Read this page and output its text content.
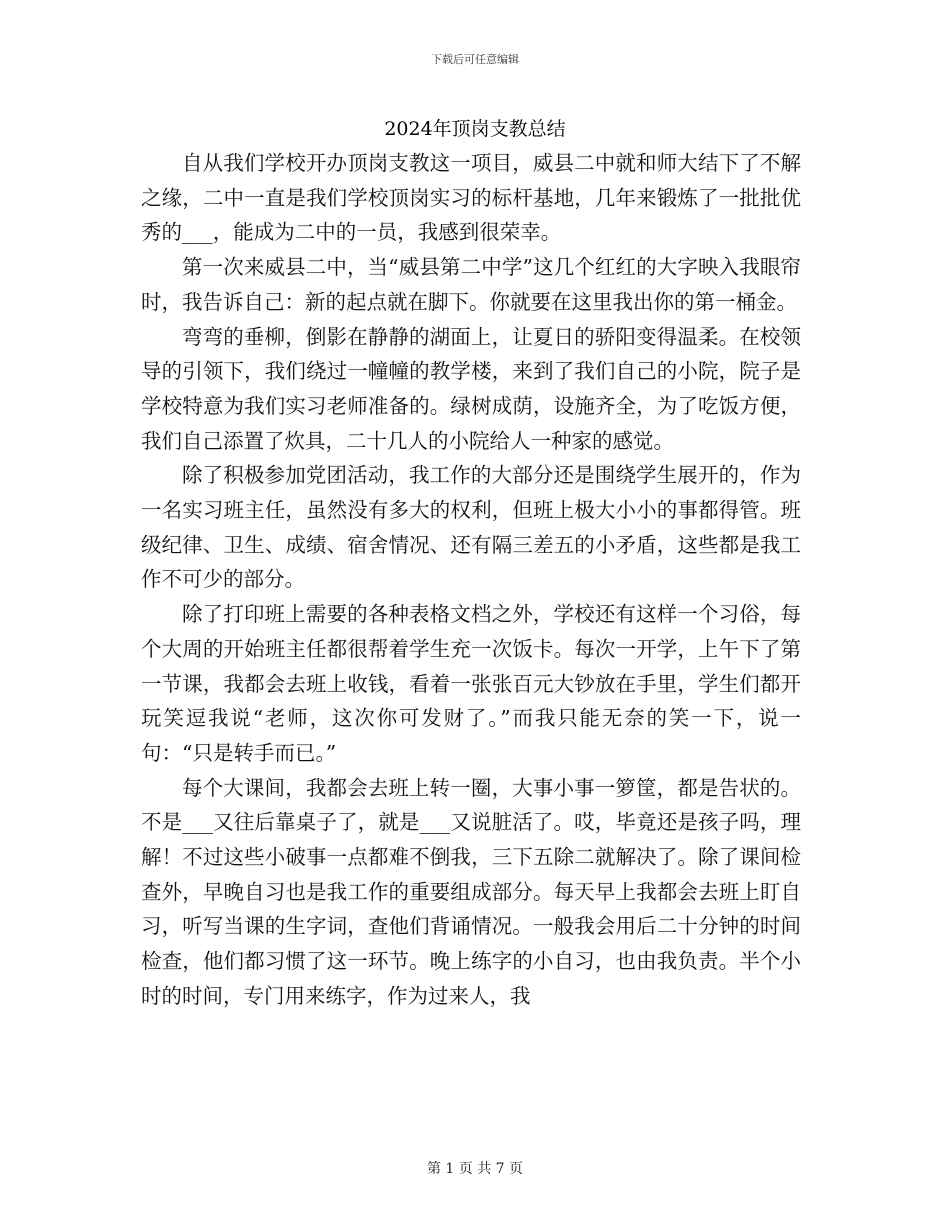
下载后可任意编辑
2024年顶岗支教总结

自从我们学校开办顶岗支教这一项目，威县二中就和师大结下了不解之缘，二中一直是我们学校顶岗实习的标杆基地，几年来锻炼了一批批优秀的___，能成为二中的一员，我感到很荣幸。

第一次来威县二中，当“威县第二中学”这几个红红的大字映入我眼帘时，我告诉自己：新的起点就在脚下。你就要在这里我出你的第一桶金。

弯弯的垂柳，倒影在静静的湖面上，让夏日的骄阳变得温柔。在校领导的引领下，我们绕过一幢幢的教学楼，来到了我们自己的小院，院子是学校特意为我们实习老师准备的。绿树成荫，设施齐全，为了吃饭方便，我们自己添置了炊具，二十几人的小院给人一种家的感觉。

除了积极参加党团活动，我工作的大部分还是围绕学生展开的，作为一名实习班主任，虽然没有多大的权利，但班上极大小小的事都得管。班级纪律、卫生、成绩、宿舍情况、还有隔三差五的小矛盾，这些都是我工作不可少的部分。

除了打印班上需要的各种表格文档之外，学校还有这样一个习俗，每个大周的开始班主任都很帮着学生充一次饭卡。每次一开学，上午下了第一节课，我都会去班上收钱，看着一张张百元大钞放在手里，学生们都开玩笑逗我说“老师，这次你可发财了。”而我只能无奈的笑一下，说一句：“只是转手而已。”

每个大课间，我都会去班上转一圈，大事小事一箩筐，都是告状的。不是___又往后靠桌子了，就是___又说脏活了。哎，毕竟还是孩子吗，理解！不过这些小破事一点都难不倒我，三下五除二就解决了。除了课间检查外，早晚自习也是我工作的重要组成部分。每天早上我都会去班上盯自习，听写当课的生字词，查他们背诵情况。一般我会用后二十分钟的时间检查，他们都习惯了这一环节。晚上练字的小自习，也由我负责。半个小时的时间，专门用来练字，作为过来人，我

第 1 页 共 7 页
